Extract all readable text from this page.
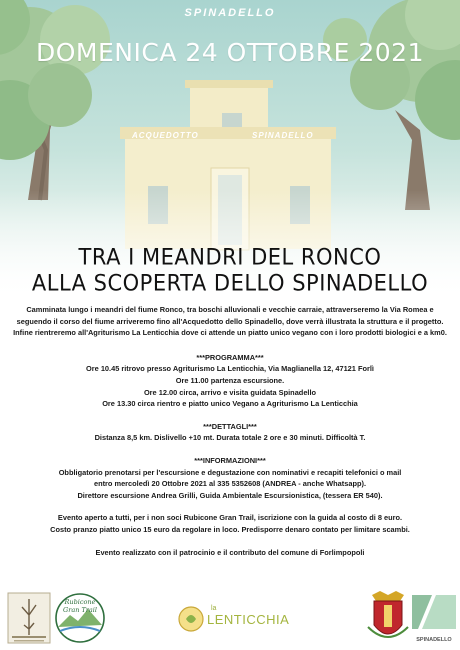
SPINADELLO
DOMENICA 24 OTTOBRE 2021
ACQUEDOTTO	SPINADELLO
TRA I MEANDRI DEL RONCO
ALLA SCOPERTA DELLO SPINADELLO

Camminata lungo i meandri del fiume Ronco, tra boschi alluvionali e vecchie carraie, attraverseremo la Via Romea e

seguendo il corso del fiume arriveremo fino all'Acquedotto dello Spinadello, dove verrà illustrata la struttura e il progetto.

Infine rientreremo all'Agriturismo La Lenticchia dove ci attende un piatto unico vegano con i loro prodotti biologici e a km0.

***PROGRAMMA***

Ore 10.45 ritrovo presso Agriturismo La Lenticchia, Via Maglianella 12, 47121 Forlì

Ore 11.00 partenza escursione.

Ore 12.00 circa, arrivo e visita guidata Spinadello

Ore 13.30 circa rientro e piatto unico Vegano a Agriturismo La Lenticchia

***DETTAGLI***

Distanza 8,5 km. Dislivello +10 mt. Durata totale 2 ore e 30 minuti. Difficoltà T.

***INFORMAZIONI***

Obbligatorio prenotarsi per l'escursione e degustazione con nominativi e recapiti telefonici o mail

entro mercoledì 20 Ottobre 2021 al 335 5352608 (ANDREA - anche Whatsapp).

Direttore escursione Andrea Grilli, Guida Ambientale Escursionistica, (tessera ER 540).

Evento aperto a tutti, per i non soci Rubicone Gran Trail, iscrizione con la guida al costo di 8 euro.

Costo pranzo piatto unico 15 euro da regolare in loco. Predisporre denaro contato per limitare scambi.

Evento realizzato con il patrocinio e il contributo del comune di Forlimpopoli

Rubicone
Gran Trail	la
LENTICCHIA
SPINADELLO
